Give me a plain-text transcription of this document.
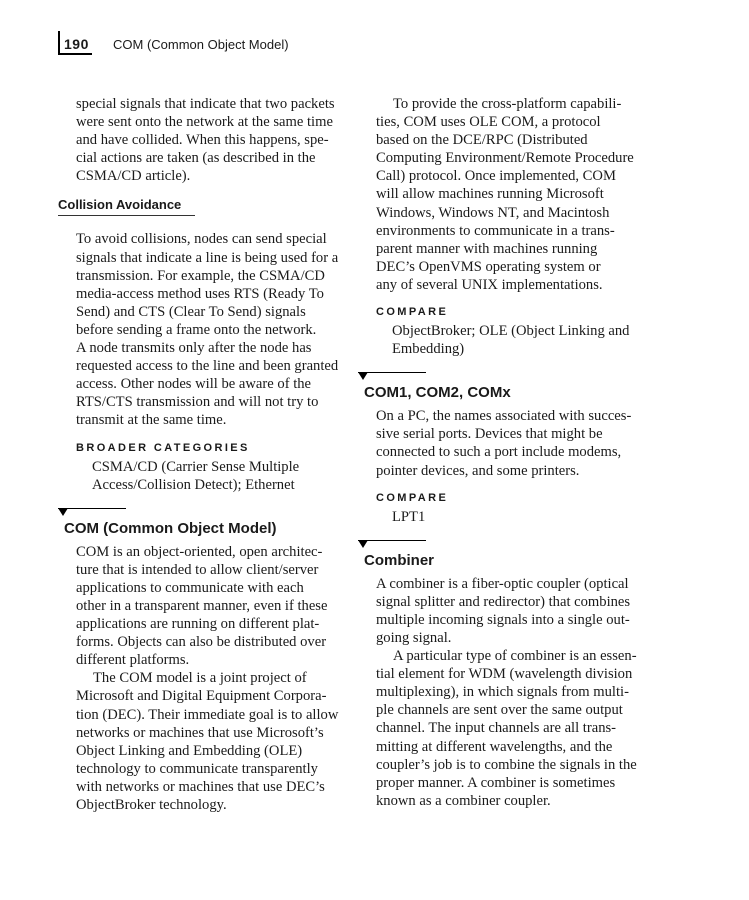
190 COM (Common Object Model)

special signals that indicate that two packets
were sent onto the network at the same time
and have collided. When this happens, spe-
cial actions are taken (as described in the
CSMA/CD article).

Collision Avoidance

To avoid collisions, nodes can send special
signals that indicate a line is being used for a
transmission. For example, the CSMA/CD
media-access method uses RTS (Ready To
Send) and CTS (Clear To Send) signals
before sending a frame onto the network.
A node transmits only after the node has
requested access to the line and been granted
access. Other nodes will be aware of the
RTS/CTS transmission and will not try to
transmit at the same time.

BROADER CATEGORIES

CSMA/CD (Carrier Sense Multiple
Access/Collision Detect); Ethernet

COM (Common Object Model)

COM is an object-oriented, open architec-
ture that is intended to allow client/server
applications to communicate with each
other in a transparent manner, even if these
applications are running on different plat-
forms. Objects can also be distributed over
different platforms.

The COM model is a joint project of
Microsoft and Digital Equipment Corpora-
tion (DEC). Their immediate goal is to allow
networks or machines that use Microsoft’s
Object Linking and Embedding (OLE)
technology to communicate transparently
with networks or machines that use DEC’s
ObjectBroker technology.

To provide the cross-platform capabili-
ties, COM uses OLE COM, a protocol
based on the DCE/RPC (Distributed
Computing Environment/Remote Procedure
Call) protocol. Once implemented, COM
will allow machines running Microsoft
Windows, Windows NT, and Macintosh
environments to communicate in a trans-
parent manner with machines running
DEC’s OpenVMS operating system or
any of several UNIX implementations.

COMPARE

ObjectBroker; OLE (Object Linking and
Embedding)

COM1, COM2, COMx

On a PC, the names associated with succes-
sive serial ports. Devices that might be
connected to such a port include modems,
pointer devices, and some printers.

COMPARE

LPT1

Combiner

A combiner is a fiber-optic coupler (optical
signal splitter and redirector) that combines
multiple incoming signals into a single out-
going signal.

A particular type of combiner is an essen-
tial element for WDM (wavelength division
multiplexing), in which signals from multi-
ple channels are sent over the same output
channel. The input channels are all trans-
mitting at different wavelengths, and the
coupler’s job is to combine the signals in the
proper manner. A combiner is sometimes
known as a combiner coupler.
